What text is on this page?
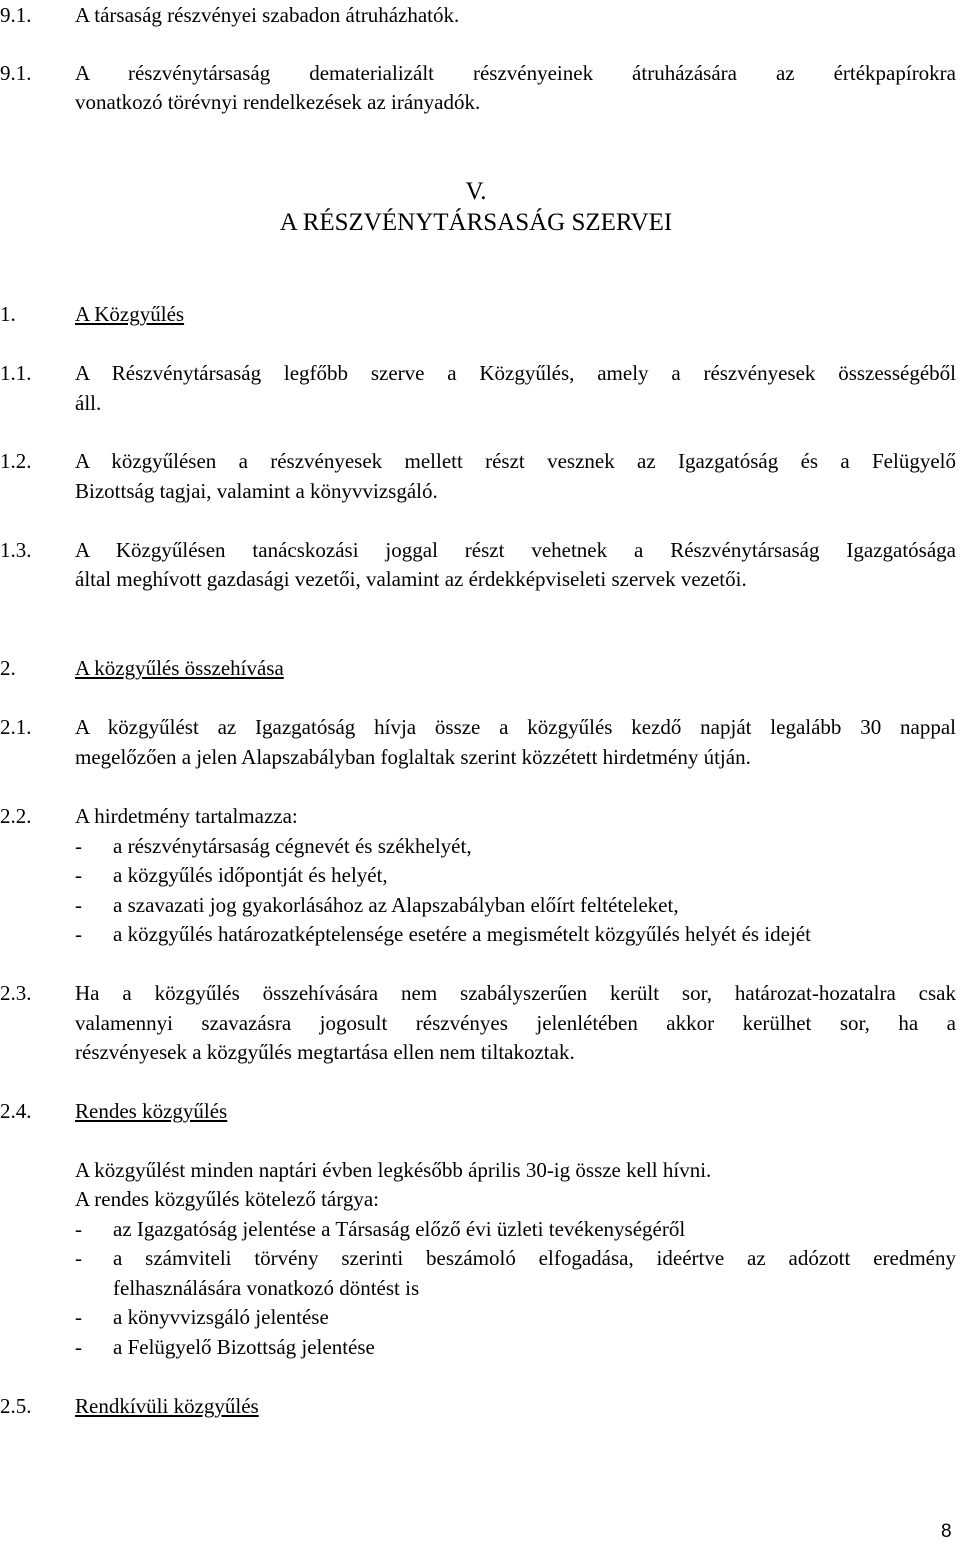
9.1. A társaság részvényei szabadon átruházhatók.
9.1. A részvénytársaság dematerializált részvényeinek átruházására az értékpapírokra
vonatkozó törévnyi rendelkezések az irányadók.
V.
A RÉSZVÉNYTÁRSASÁG SZERVEI
1.	A Közgyűlés
1.1. A Részvénytársaság legfőbb szerve a Közgyűlés, amely a részvényesek összességéből
áll.
1.2. A közgyűlésen a részvényesek mellett részt vesznek az Igazgatóság és a Felügyelő
Bizottság tagjai, valamint a könyvvizsgáló.
1.3. A Közgyűlésen tanácskozási joggal részt vehetnek a Részvénytársaság Igazgatósága
által meghívott gazdasági vezetői, valamint az érdekképviseleti szervek vezetői.
2.	A közgyűlés összehívása
2.1. A közgyűlést az Igazgatóság hívja össze a közgyűlés kezdő napját legalább 30 nappal
megelőzően a jelen Alapszabályban foglaltak szerint közzétett hirdetmény útján.
2.2. A hirdetmény tartalmazza:
- a részvénytársaság cégnevét és székhelyét,
- a közgyűlés időpontját és helyét,
- a szavazati jog gyakorlásához az Alapszabályban előírt feltételeket,
- a közgyűlés határozatképtelensége esetére a megismételt közgyűlés helyét és idejét
2.3. Ha a közgyűlés összehívására nem szabályszerűen került sor, határozat-hozatalra csak
valamennyi szavazásra jogosult részvényes jelenlétében akkor kerülhet sor, ha a
részvényesek a közgyűlés megtartása ellen nem tiltakoztak.
2.4. Rendes közgyűlés
A közgyűlést minden naptári évben legkésőbb április 30-ig össze kell hívni.
A rendes közgyűlés kötelező tárgya:
- az Igazgatóság jelentése a Társaság előző évi üzleti tevékenységéről
- a számviteli törvény szerinti beszámoló elfogadása, ideértve az adózott eredmény
felhasználására vonatkozó döntést is
- a könyvvizsgáló jelentése
- a Felügyelő Bizottság jelentése
2.5. Rendkívüli közgyűlés
8
